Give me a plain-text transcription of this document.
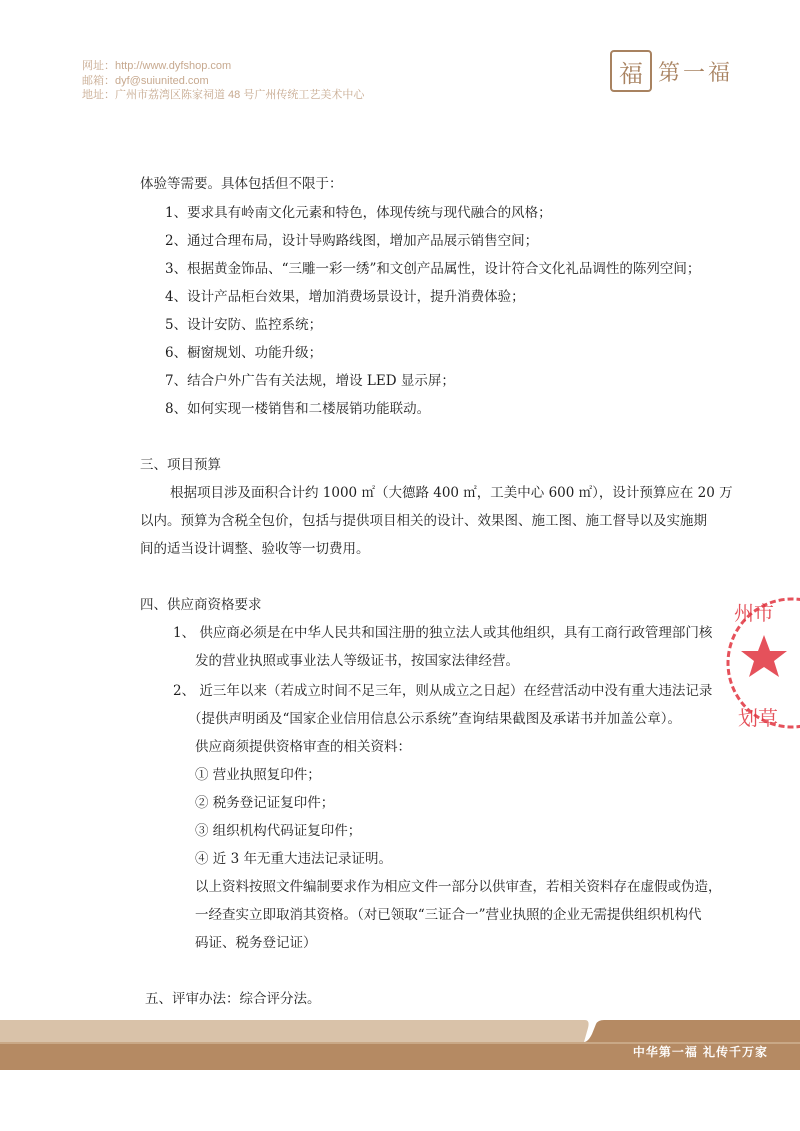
网址：http://www.dyfshop.com
邮箱：dyf@suiunited.com
地址：广州市荔湾区陈家祠道 48 号广州传统工艺美术中心
福 第一福
体验等需要。具体包括但不限于：
1、要求具有岭南文化元素和特色，体现传统与现代融合的风格；
2、通过合理布局，设计导购路线图，增加产品展示销售空间；
3、根据黄金饰品、“三雕一彩一绣”和文创产品属性，设计符合文化礼品调性的陈列空间；
4、设计产品柜台效果，增加消费场景设计，提升消费体验；
5、设计安防、监控系统；
6、橱窗规划、功能升级；
7、结合户外广告有关法规，增设 LED 显示屏；
8、如何实现一楼销售和二楼展销功能联动。
三、项目预算
根据项目涉及面积合计约 1000 ㎡（大德路 400 ㎡，工美中心 600 ㎡），设计预算应在 20 万
以内。预算为含税全包价，包括与提供项目相关的设计、效果图、施工图、施工督导以及实施期
间的适当设计调整、验收等一切费用。
四、供应商资格要求
1、 供应商必须是在中华人民共和国注册的独立法人或其他组织，具有工商行政管理部门核
发的营业执照或事业法人等级证书，按国家法律经营。
2、 近三年以来（若成立时间不足三年，则从成立之日起）在经营活动中没有重大违法记录
（提供声明函及“国家企业信用信息公示系统”查询结果截图及承诺书并加盖公章）。
供应商须提供资格审查的相关资料：
① 营业执照复印件；
② 税务登记证复印件；
③ 组织机构代码证复印件；
④ 近 3 年无重大违法记录证明。
以上资料按照文件编制要求作为相应文件一部分以供审查，若相关资料存在虚假或伪造，
一经查实立即取消其资格。（对已领取“三证合一”营业执照的企业无需提供组织机构代
码证、税务登记证）
五、评审办法：综合评分法。
州市
划草
中华第一福 礼传千万家
